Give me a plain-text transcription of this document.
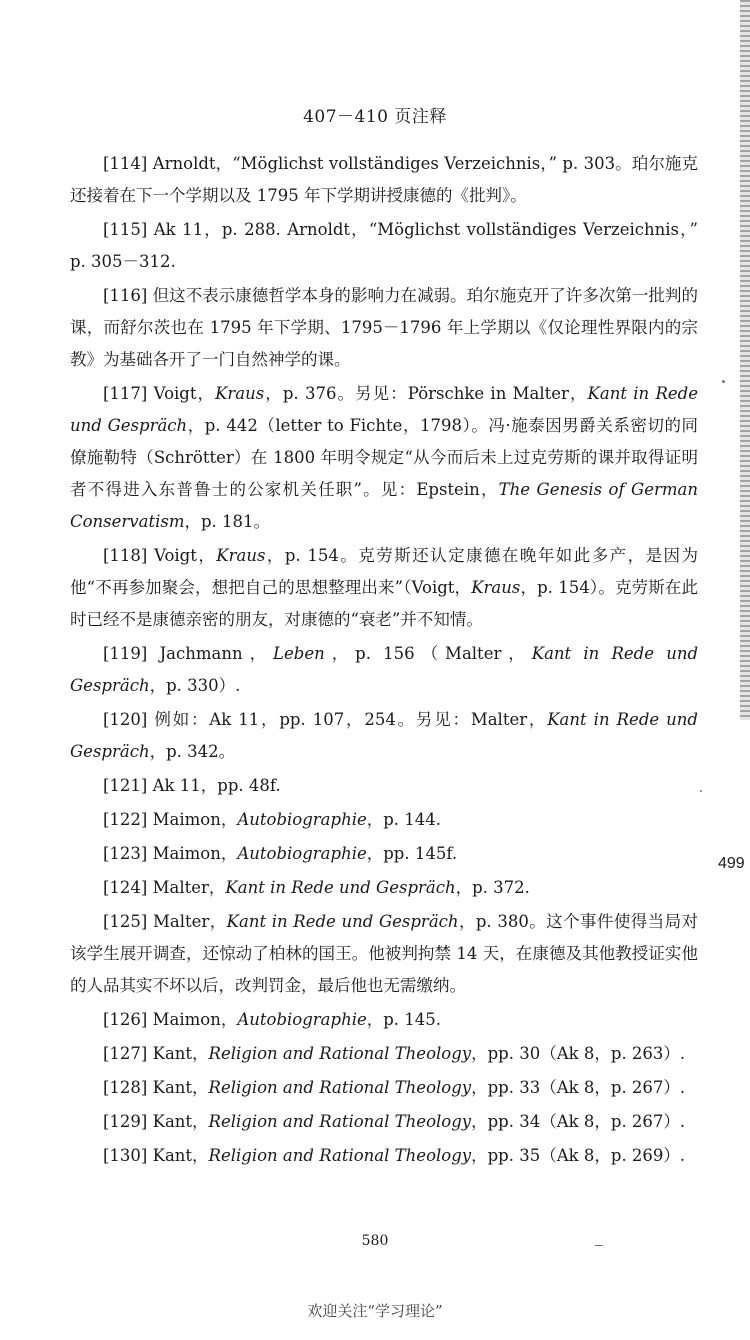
407－410 页注释

[114] Arnoldt，“Möglichst vollständiges Verzeichnis，” p. 303。珀尔施克还接着在下一个学期以及 1795 年下学期讲授康德的《批判》。

[115] Ak 11，p. 288. Arnoldt，“Möglichst vollständiges Verzeichnis，” p. 305－312.

[116] 但这不表示康德哲学本身的影响力在减弱。珀尔施克开了许多次第一批判的课，而舒尔茨也在 1795 年下学期、1795－1796 年上学期以《仅论理性界限内的宗教》为基础各开了一门自然神学的课。

[117] Voigt，Kraus，p. 376。另见：Pörschke in Malter，Kant in Rede und Gespräch，p. 442（letter to Fichte，1798）。冯·施泰因男爵关系密切的同僚施勒特（Schrötter）在 1800 年明令规定“从今而后未上过克劳斯的课并取得证明者不得进入东普鲁士的公家机关任职”。见：Epstein，The Genesis of German Conservatism，p. 181。

[118] Voigt，Kraus，p. 154。克劳斯还认定康德在晚年如此多产，是因为他“不再参加聚会，想把自己的思想整理出来”（Voigt，Kraus，p. 154）。克劳斯在此时已经不是康德亲密的朋友，对康德的“衰老”并不知情。

[119] Jachmann，Leben，p. 156（Malter，Kant in Rede und Gespräch，p. 330）.

[120] 例如：Ak 11，pp. 107，254。另见：Malter，Kant in Rede und Gespräch，p. 342。

[121] Ak 11，pp. 48f.

[122] Maimon，Autobiographie，p. 144.

[123] Maimon，Autobiographie，pp. 145f.

[124] Malter，Kant in Rede und Gespräch，p. 372.

[125] Malter，Kant in Rede und Gespräch，p. 380。这个事件使得当局对该学生展开调查，还惊动了柏林的国王。他被判拘禁 14 天，在康德及其他教授证实他的人品其实不坏以后，改判罚金，最后他也无需缴纳。

[126] Maimon，Autobiographie，p. 145.

[127] Kant，Religion and Rational Theology，pp. 30（Ak 8，p. 263）.

[128] Kant，Religion and Rational Theology，pp. 33（Ak 8，p. 267）.

[129] Kant，Religion and Rational Theology，pp. 34（Ak 8，p. 267）.

[130] Kant，Religion and Rational Theology，pp. 35（Ak 8，p. 269）.

499
580
欢迎关注“学习理论”
